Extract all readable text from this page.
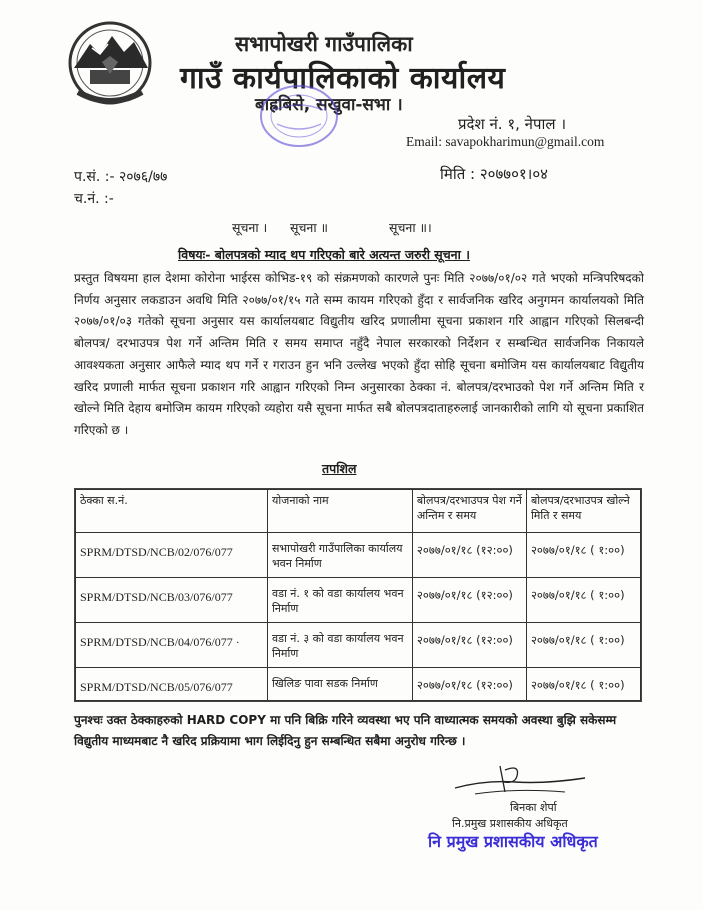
सभापोखरी गाउँपालिका
गाउँ कार्यपालिकाको कार्यालय
बाह्रबिसे, सखुवा-सभा ।
प्रदेश नं. १, नेपाल ।
Email: savapokharimun@gmail.com
प.सं. :- २०७६/७७
च.नं. :-
मिति : २०७७०१।०४
सूचना । सूचना ॥	सूचना ॥।
विषयः- बोलपत्रको म्याद थप गरिएको बारे अत्यन्त जरुरी सूचना ।
प्रस्तुत विषयमा हाल देशमा कोरोना भाईरस कोभिड-१९ को संक्रमणको कारणले पुनः मिति २०७७/०१/०२ गते भएको मन्त्रिपरिषदको निर्णय अनुसार लकडाउन अवधि मिति २०७७/०१/१५ गते सम्म कायम गरिएको हुँदा र सार्वजनिक खरिद अनुगमन कार्यालयको मिति २०७७/०१/०३ गतेको सूचना अनुसार यस कार्यालयबाट विद्युतीय खरिद प्रणालीमा सूचना प्रकाशन गरि आह्वान गरिएको सिलबन्दी बोलपत्र/ दरभाउपत्र पेश गर्ने अन्तिम मिति र समय समाप्त नहुँदै नेपाल सरकारको निर्देशन र सम्बन्धित सार्वजनिक निकायले आवश्यकता अनुसार आफैले म्याद थप गर्ने र गराउन हुन भनि उल्लेख भएको हुँदा सोहि सूचना बमोजिम यस कार्यालयबाट विद्युतीय खरिद प्रणाली मार्फत सूचना प्रकाशन गरि आह्वान गरिएको निम्न अनुसारका ठेक्का नं. बोलपत्र/दरभाउको पेश गर्ने अन्तिम मिति र खोल्ने मिति देहाय बमोजिम कायम गरिएको व्यहोरा यसै सूचना मार्फत सबै बोलपत्रदाताहरुलाई जानकारीको लागि यो सूचना प्रकाशित गरिएको छ ।
तपशिल
ठेक्का स.नं.	योजनाको नाम	बोलपत्र/दरभाउपत्र पेश गर्ने अन्तिम र समय	बोलपत्र/दरभाउपत्र खोल्ने मिति र समय
SPRM/DTSD/NCB/02/076/077	सभापोखरी गाउँपालिका कार्यालय भवन निर्माण	२०७७/०१/१८ (१२:००)	२०७७/०१/१८ ( १:००)
SPRM/DTSD/NCB/03/076/077	वडा नं. १ को वडा कार्यालय भवन निर्माण	२०७७/०१/१८ (१२:००)	२०७७/०१/१८ ( १:००)
SPRM/DTSD/NCB/04/076/077 ·	वडा नं. ३ को वडा कार्यालय भवन निर्माण	२०७७/०१/१८ (१२:००)	२०७७/०१/१८ ( १:००)
SPRM/DTSD/NCB/05/076/077	खिलिङ पावा सडक निर्माण	२०७७/०१/१८ (१२:००)	२०७७/०१/१८ ( १:००)
पुनश्चः उक्त ठेक्काहरुको HARD COPY मा पनि बिक्रि गरिने व्यवस्था भए पनि वाध्यात्मक समयको अवस्था बुझि सकेसम्म विद्युतीय माध्यमबाट नै खरिद प्रक्रियामा भाग लिईदिनु हुन सम्बन्धित सबैमा अनुरोध गरिन्छ ।
बिनका शेर्पा
नि.प्रमुख प्रशासकीय अधिकृत
नि प्रमुख प्रशासकीय अधिकृत
